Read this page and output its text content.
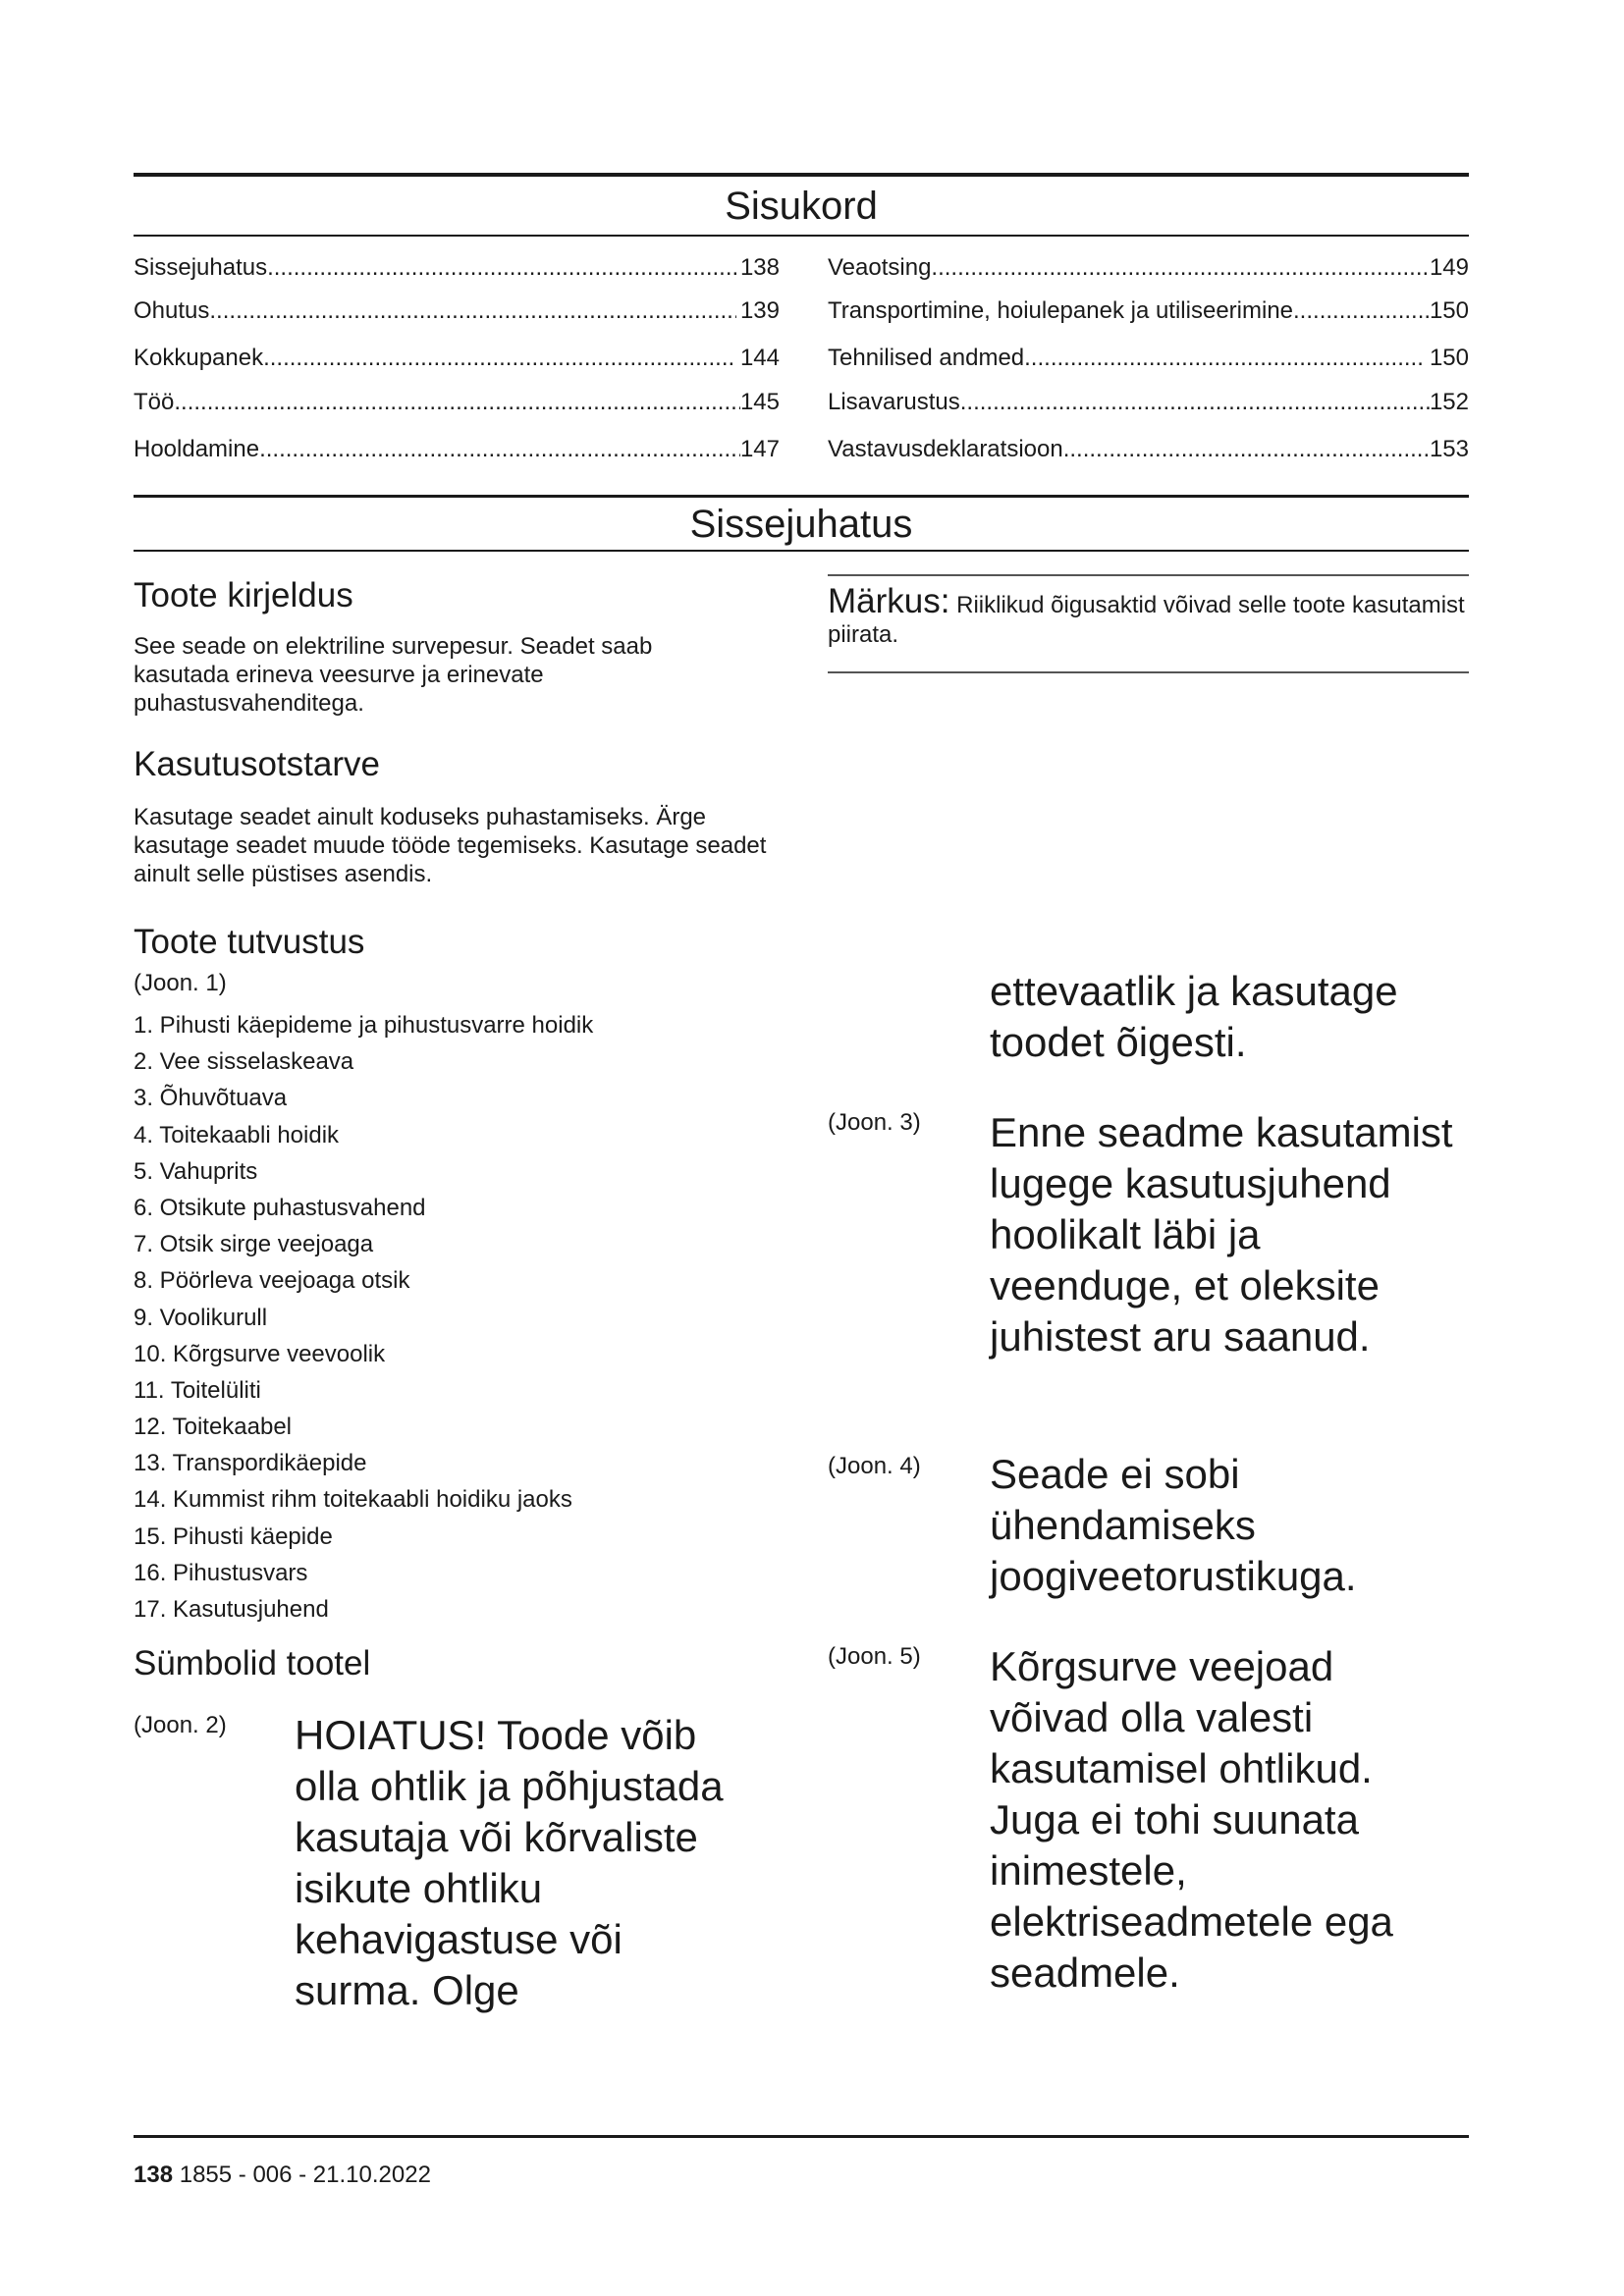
Sisukord
Sissejuhatus .....	138
Ohutus .....	139
Kokkupanek .....	144
Töö .....	145
Hooldamine .....	147
Veaotsing .....	149
Transportimine, hoiulepanek ja utiliseerimine .....	150
Tehnilised andmed .....	150
Lisavarustus .....	152
Vastavusdeklaratsioon .....	153
Sissejuhatus
Toote kirjeldus
See seade on elektriline survepesur. Seadet saab kasutada erineva veesurve ja erinevate puhastusvahenditega.
Kasutusotstarve
Kasutage seadet ainult koduseks puhastamiseks. Ärge kasutage seadet muude tööde tegemiseks. Kasutage seadet ainult selle püstises asendis.
Toote tutvustus
(Joon. 1)
1. Pihusti käepideme ja pihustusvarre hoidik
2. Vee sisselaskeava
3. Õhuvõtuava
4. Toitekaabli hoidik
5. Vahuprits
6. Otsikute puhastusvahend
7. Otsik sirge veejoaga
8. Pöörleva veejoaga otsik
9. Voolikurull
10. Kõrgsurve veevoolik
11. Toitelüliti
12. Toitekaabel
13. Transpordikäepide
14. Kummist rihm toitekaabli hoidiku jaoks
15. Pihusti käepide
16. Pihustusvars
17. Kasutusjuhend
Sümbolid tootel
(Joon. 2) HOIATUS! Toode võib olla ohtlik ja põhjustada kasutaja või kõrvaliste isikute ohtliku kehavigastuse või surma. Olge
Märkus: Riiklikud õigusaktid võivad selle toote kasutamist piirata.
ettevaatlik ja kasutage toodet õigesti.
(Joon. 3) Enne seadme kasutamist lugege kasutusjuhend hoolikalt läbi ja veenduge, et oleksite juhistest aru saanud.
(Joon. 4) Seade ei sobi ühendamiseks joogiveetorustikuga.
(Joon. 5) Kõrgsurve veejoad võivad olla valesti kasutamisel ohtlikud. Juga ei tohi suunata inimestele, elektriseadmetele ega seadmele.
138 1855 - 006 - 21.10.2022
